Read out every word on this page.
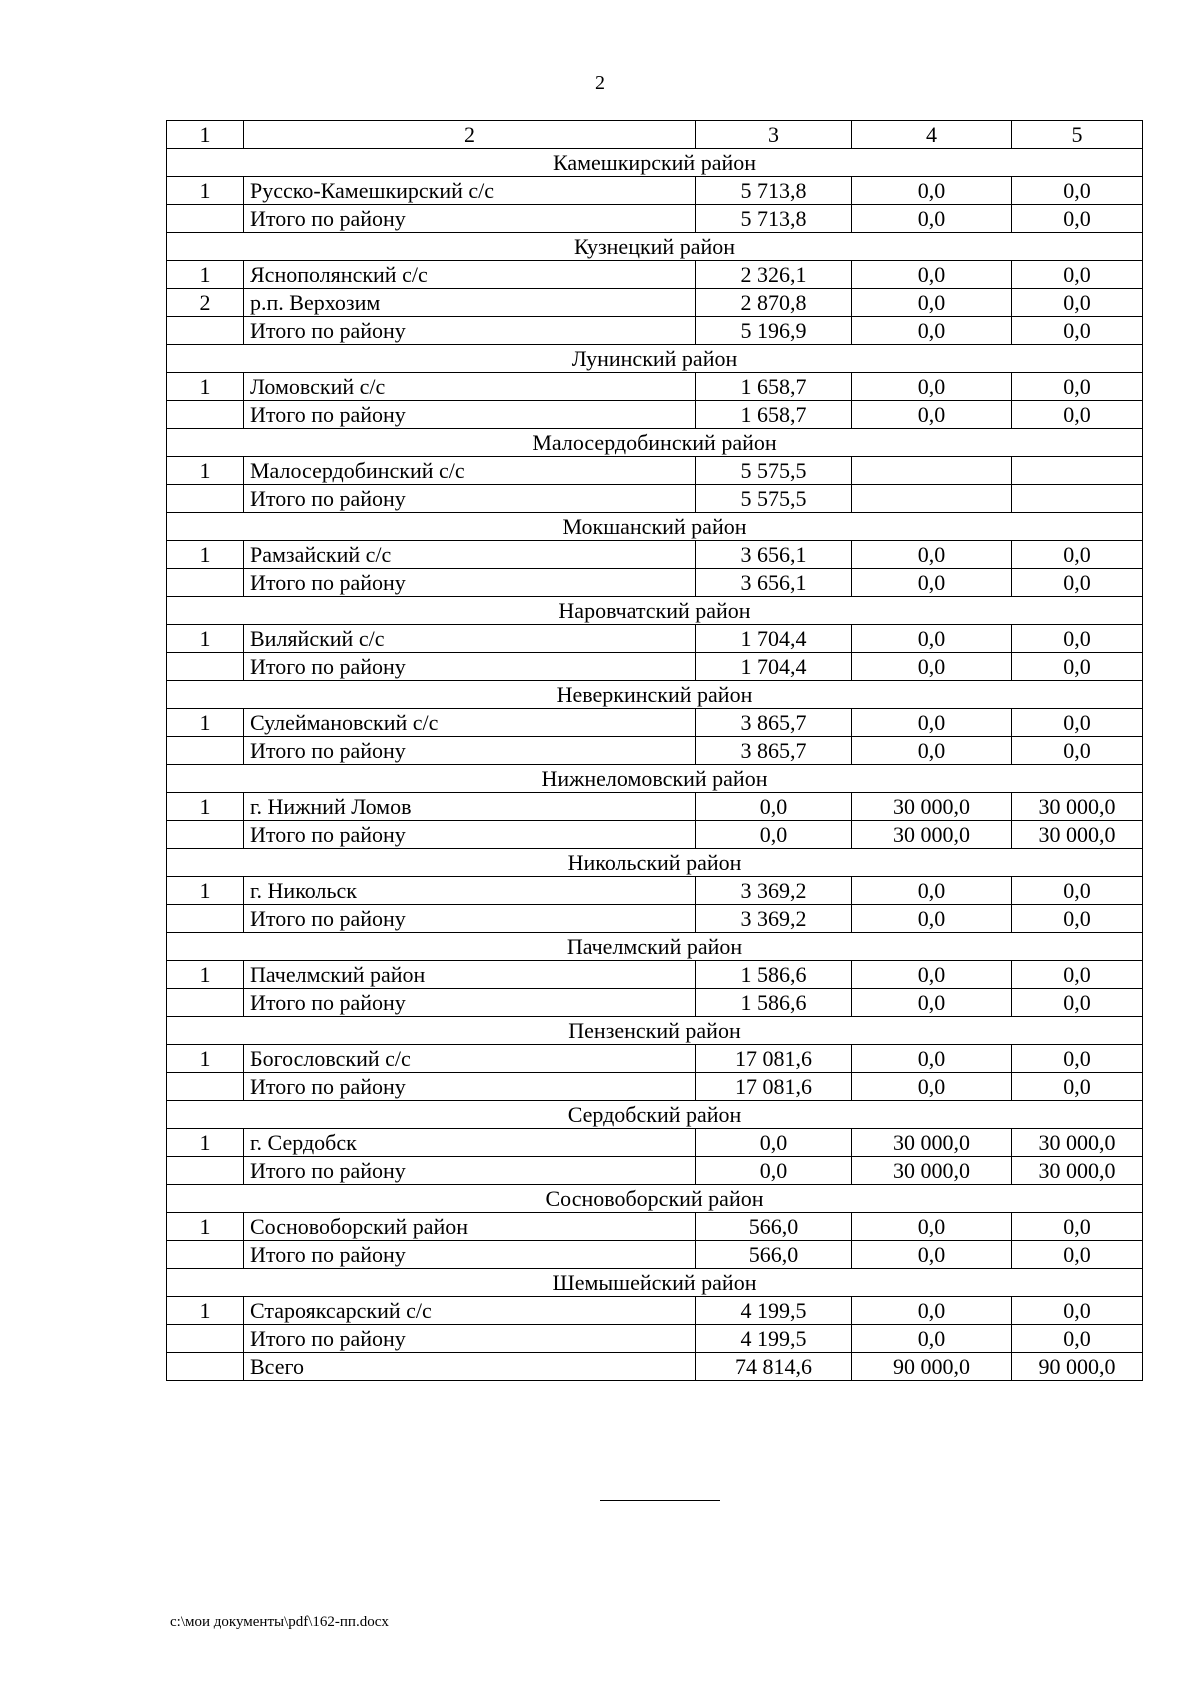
2
1	2	3	4	5
Камешкирский район				
1	Русско-Камешкирский с/с	5 713,8	0,0	0,0
	Итого по району	5 713,8	0,0	0,0
Кузнецкий район				
1	Яснополянский с/с	2 326,1	0,0	0,0
2	р.п. Верхозим	2 870,8	0,0	0,0
	Итого по району	5 196,9	0,0	0,0
Лунинский район				
1	Ломовский с/с	1 658,7	0,0	0,0
	Итого по району	1 658,7	0,0	0,0
Малосердобинский район				
1	Малосердобинский с/с	5 575,5		
	Итого по району	5 575,5		
Мокшанский район				
1	Рамзайский с/с	3 656,1	0,0	0,0
	Итого по району	3 656,1	0,0	0,0
Наровчатский район				
1	Виляйский с/с	1 704,4	0,0	0,0
	Итого по району	1 704,4	0,0	0,0
Неверкинский район				
1	Сулеймановский с/с	3 865,7	0,0	0,0
	Итого по району	3 865,7	0,0	0,0
Нижнеломовский район				
1	г. Нижний Ломов	0,0	30 000,0	30 000,0
	Итого по району	0,0	30 000,0	30 000,0
Никольский район				
1	г. Никольск	3 369,2	0,0	0,0
	Итого по району	3 369,2	0,0	0,0
Пачелмский район				
1	Пачелмский район	1 586,6	0,0	0,0
	Итого по району	1 586,6	0,0	0,0
Пензенский район				
1	Богословский с/с	17 081,6	0,0	0,0
	Итого по району	17 081,6	0,0	0,0
Сердобский район				
1	г. Сердобск	0,0	30 000,0	30 000,0
	Итого по району	0,0	30 000,0	30 000,0
Сосновоборский район				
1	Сосновоборский район	566,0	0,0	0,0
	Итого по району	566,0	0,0	0,0
Шемышейский район				
1	Старояксарский с/с	4 199,5	0,0	0,0
	Итого по району	4 199,5	0,0	0,0
	Всего	74 814,6	90 000,0	90 000,0
c:\мои документы\pdf\162-пп.docx
